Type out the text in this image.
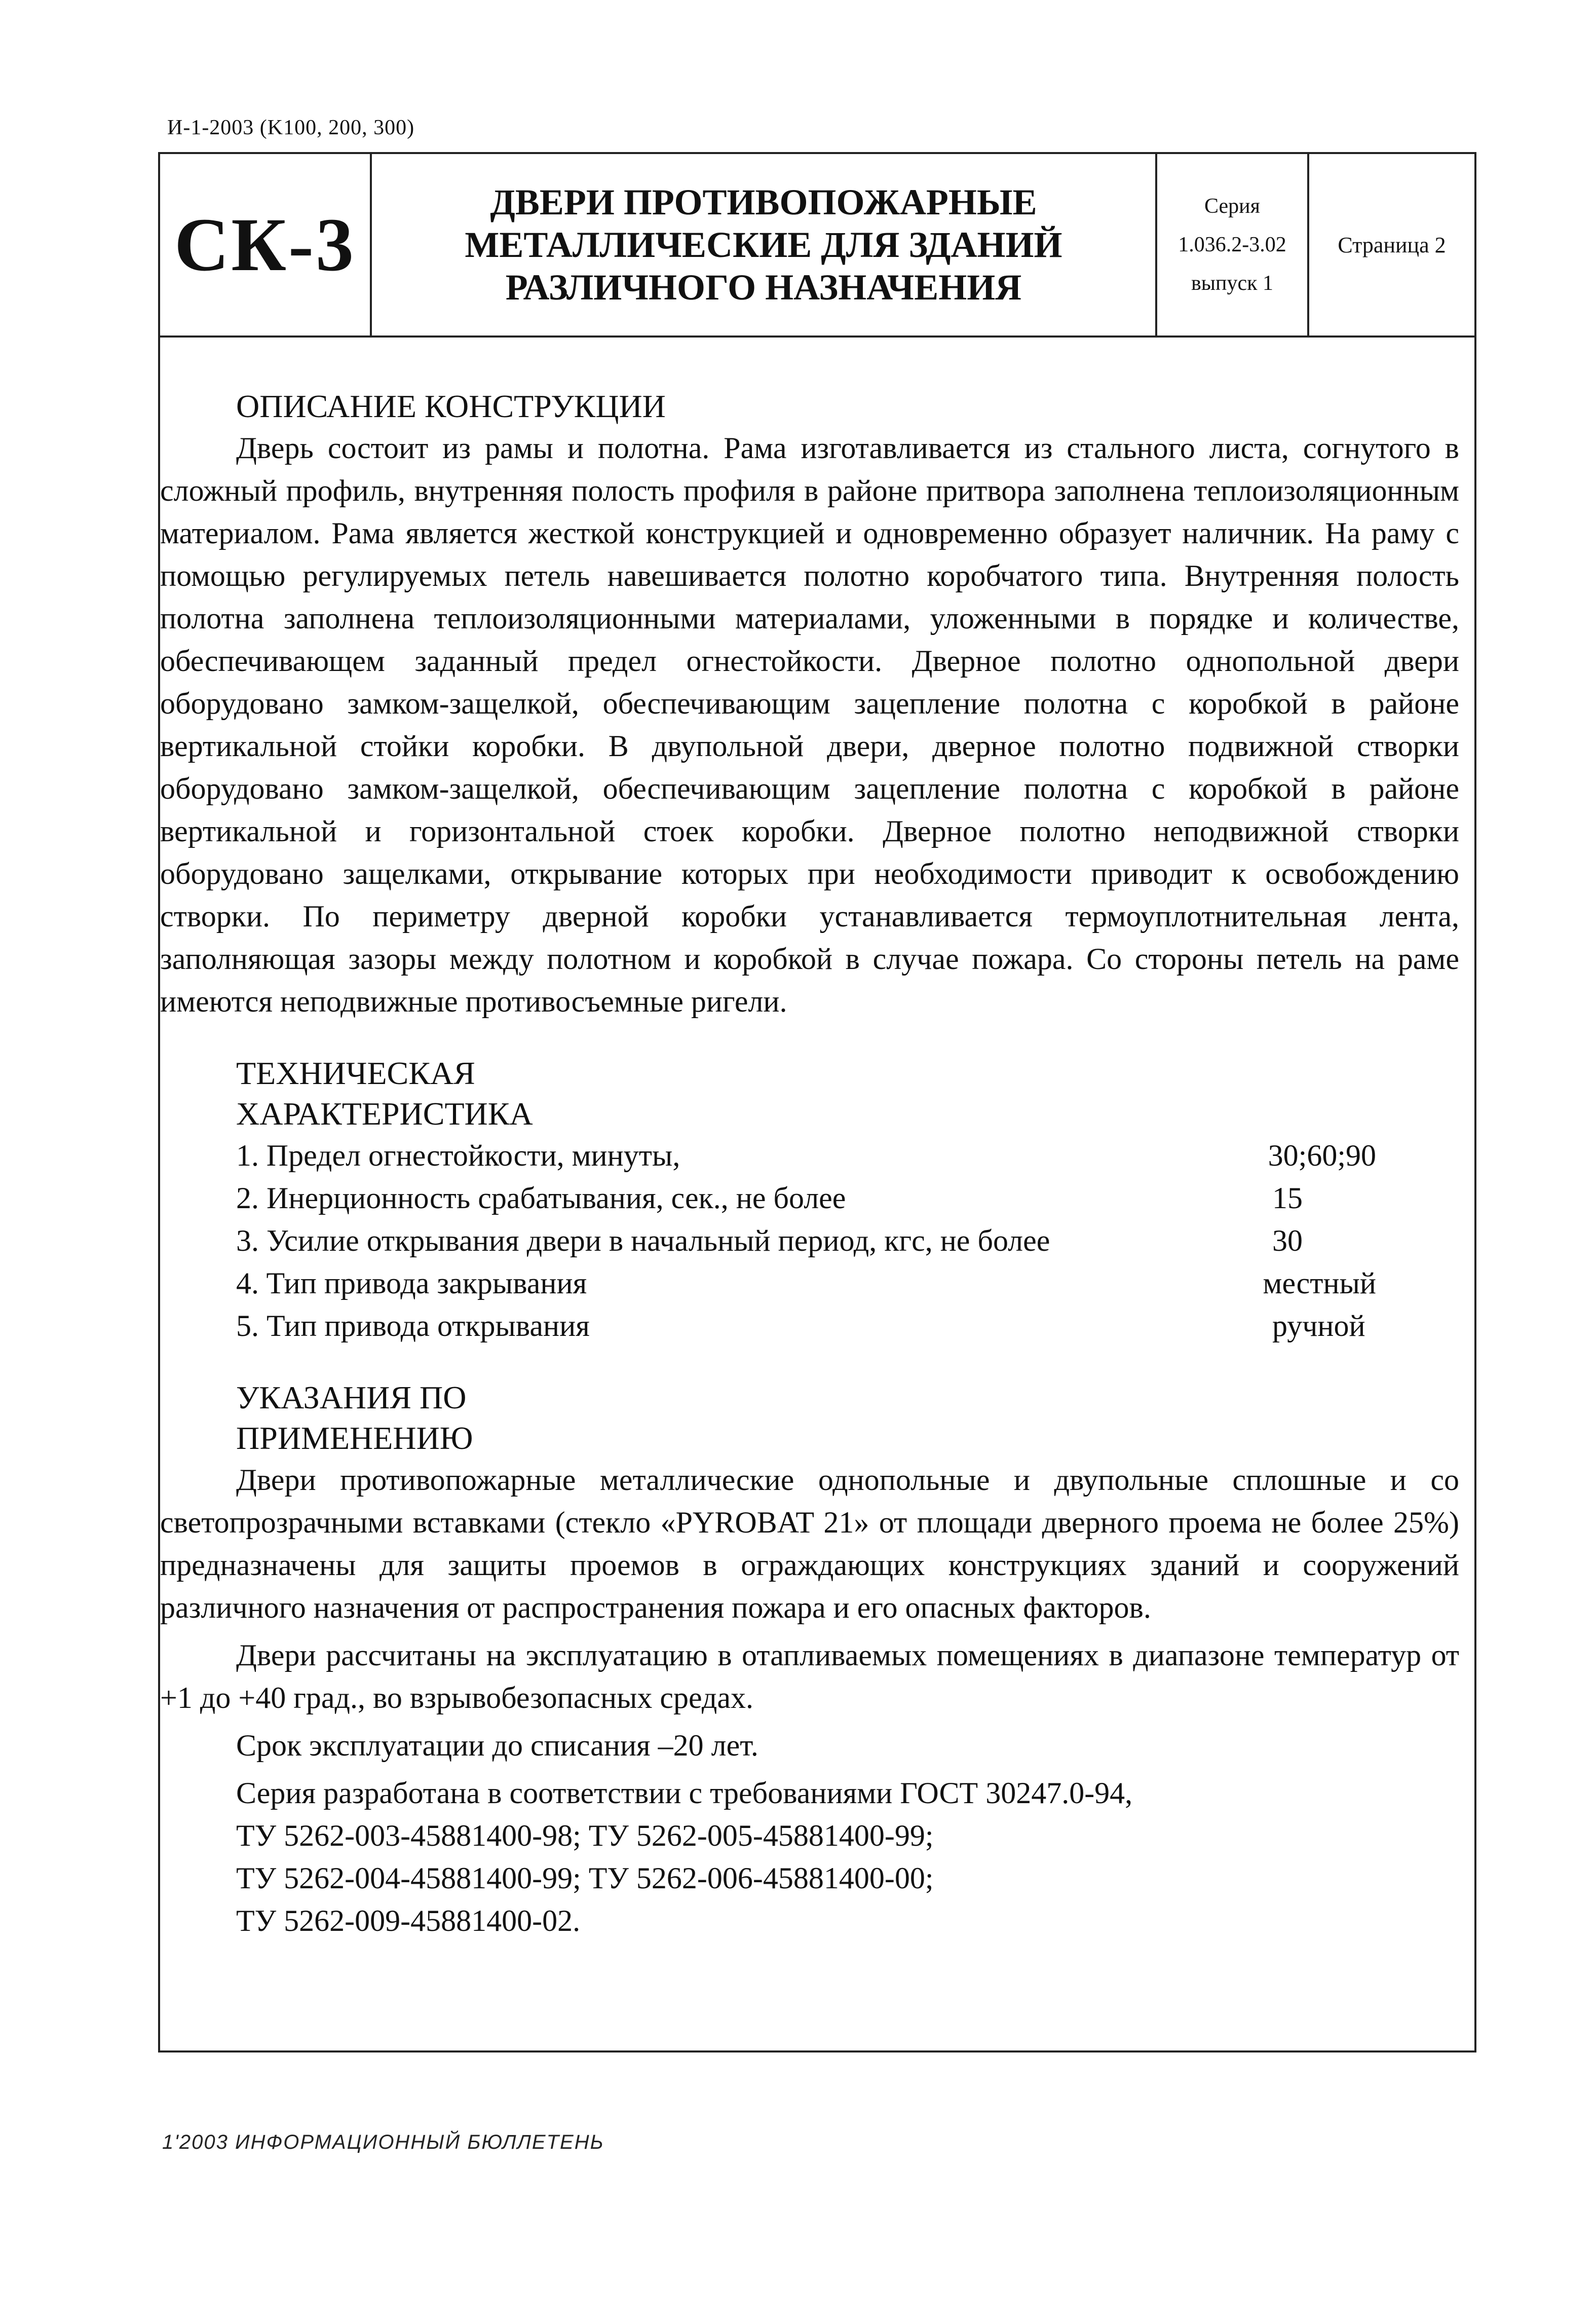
И-1-2003 (K100, 200, 300)
СК-3
ДВЕРИ ПРОТИВОПОЖАРНЫЕ
МЕТАЛЛИЧЕСКИЕ ДЛЯ ЗДАНИЙ
РАЗЛИЧНОГО НАЗНАЧЕНИЯ
Серия
1.036.2-3.02
выпуск 1
Страница 2
ОПИСАНИЕ КОНСТРУКЦИИ

Дверь состоит из рамы и полотна. Рама изготавливается из стального листа, согнутого в сложный профиль, внутренняя полость профиля в районе притвора заполнена теплоизоляционным материалом. Рама является жесткой конструкцией и одновременно образует наличник. На раму с помощью регулируемых петель навешивается полотно коробчатого типа. Внутренняя полость полотна заполнена теплоизоляционными материалами, уложенными в порядке и количестве, обеспечивающем заданный предел огнестойкости. Дверное полотно однопольной двери оборудовано замком-защелкой, обеспечивающим зацепление полотна с коробкой в районе вертикальной стойки коробки. В двупольной двери, дверное полотно подвижной створки оборудовано замком-защелкой, обеспечивающим зацепление полотна с коробкой в районе вертикальной и горизонтальной стоек коробки. Дверное полотно неподвижной створки оборудовано защелками, открывание которых при необходимости приводит к освобождению створки. По периметру дверной коробки устанавливается термоуплотнительная лента, заполняющая зазоры между полотном и коробкой в случае пожара. Со стороны петель на раме имеются неподвижные противосъемные ригели.

ТЕХНИЧЕСКАЯ
ХАРАКТЕРИСТИКА
1. Предел огнестойкости, минуты,	30;60;90
2. Инерционность срабатывания, сек., не более	15
3. Усилие открывания двери в начальный период, кгс, не более	30
4. Тип привода закрывания	местный
5. Тип привода открывания	ручной
УКАЗАНИЯ ПО
ПРИМЕНЕНИЮ

Двери противопожарные металлические однопольные и двупольные сплошные и со светопрозрачными вставками (стекло «PYROBAT 21» от площади дверного проема не более 25%) предназначены для защиты проемов в ограждающих конструкциях зданий и сооружений различного назначения от распространения пожара и его опасных факторов.

Двери рассчитаны на эксплуатацию в отапливаемых помещениях в диапазоне температур от +1 до +40 град., во взрывобезопасных средах.

Срок эксплуатации до списания –20 лет.

Серия разработана в соответствии с требованиями ГОСТ 30247.0-94,

ТУ 5262-003-45881400-98; ТУ 5262-005-45881400-99;

ТУ 5262-004-45881400-99; ТУ 5262-006-45881400-00;

ТУ 5262-009-45881400-02.

1'2003 ИНФОРМАЦИОННЫЙ БЮЛЛЕТЕНЬ
